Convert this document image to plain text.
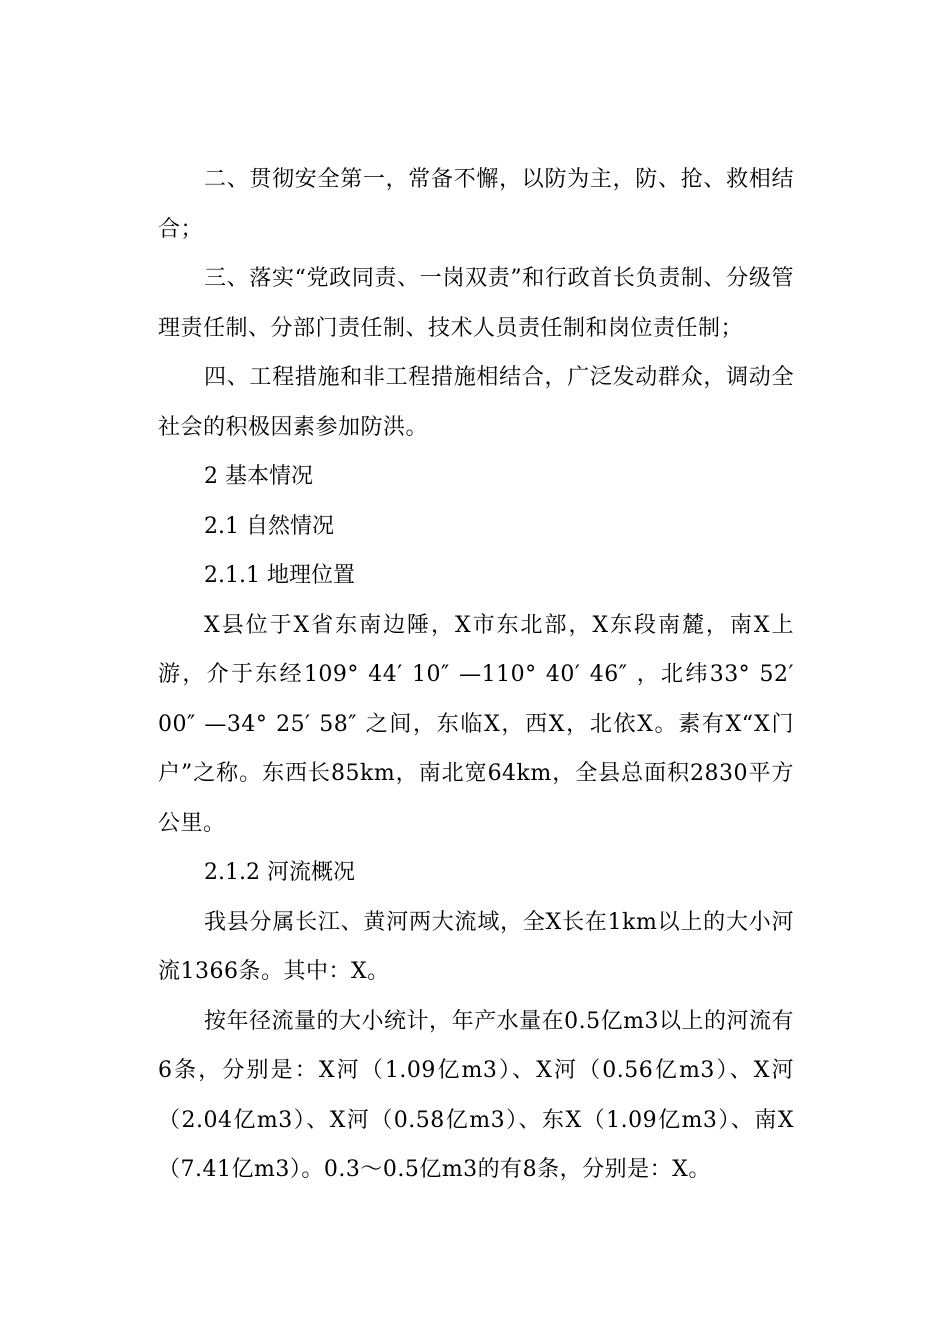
二、贯彻安全第一，常备不懈，以防为主，防、抢、救相结合；

三、落实“党政同责、一岗双责”和行政首长负责制、分级管理责任制、分部门责任制、技术人员责任制和岗位责任制；

四、工程措施和非工程措施相结合，广泛发动群众，调动全社会的积极因素参加防洪。

2 基本情况

2.1 自然情况

2.1.1 地理位置

X县位于X省东南边陲，X市东北部，X东段南麓，南X上游，介于东经109° 44′ 10″ —110° 40′ 46″ ，北纬33° 52′ 00″ —34° 25′ 58″ 之间，东临X，西X，北依X。素有X“X门户”之称。东西长85km，南北宽64km，全县总面积2830平方公里。

2.1.2 河流概况

我县分属长江、黄河两大流域，全X长在1km以上的大小河流1366条。其中：X。

按年径流量的大小统计，年产水量在0.5亿m3以上的河流有6条，分别是：X河（1.09亿m3）、X河（0.56亿m3）、X河（2.04亿m3）、X河（0.58亿m3）、东X（1.09亿m3）、南X（7.41亿m3）。0.3～0.5亿m3的有8条，分别是：X。
